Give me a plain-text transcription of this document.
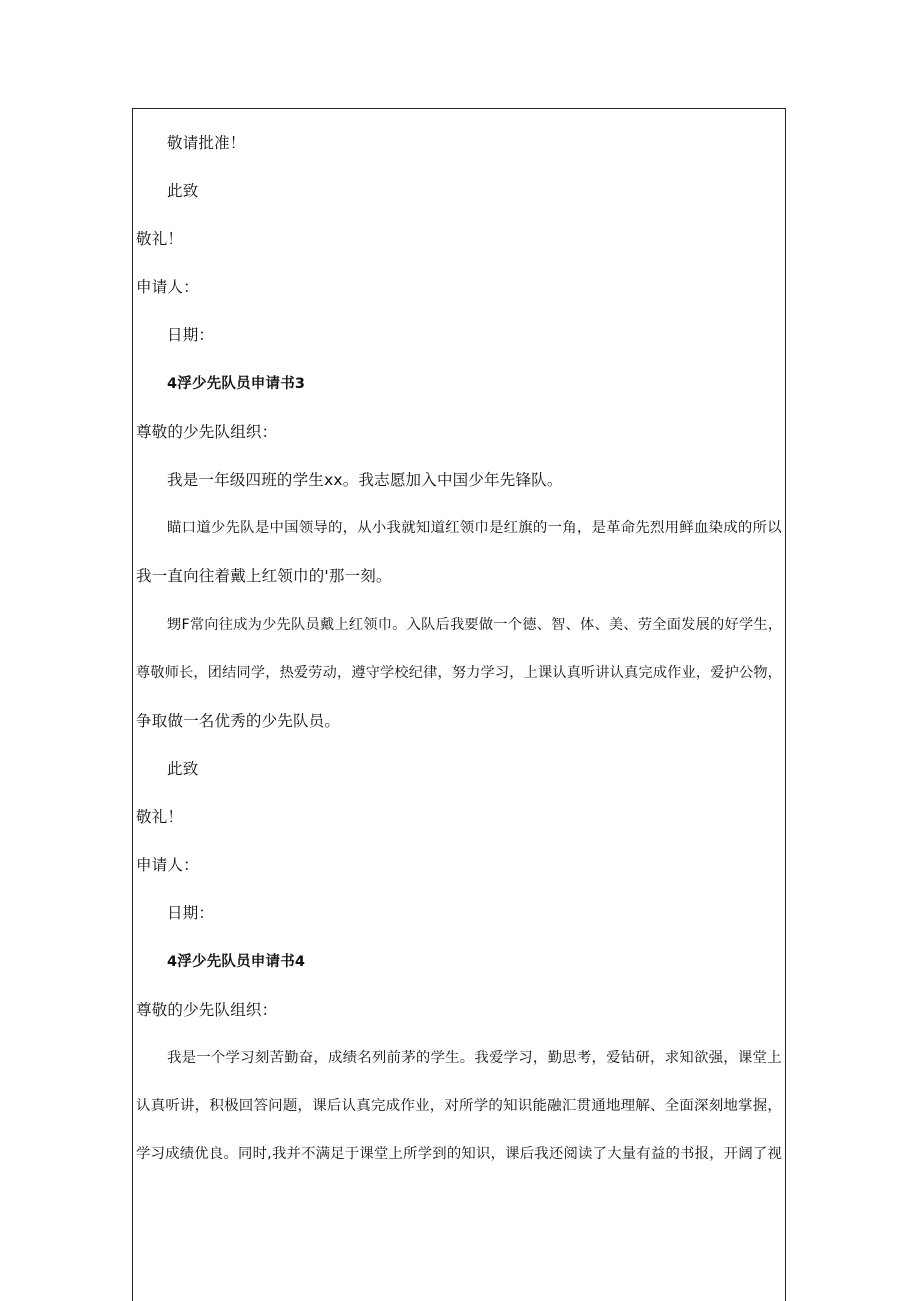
敬请批准！
此致
敬礼！
申请人：
日期：
4浮少先队员申请书3
尊敬的少先队组织：
我是一年级四班的学生xx。我志愿加入中国少年先锋队。
瞄口道少先队是中国领导的，从小我就知道红领巾是红旗的一角，是革命先烈用鲜血染成的所以
我一直向往着戴上红领巾的'那一刻。
甥F常向往成为少先队员戴上红领巾。入队后我要做一个德、智、体、美、劳全面发展的好学生，
尊敬师长，团结同学，热爱劳动，遵守学校纪律，努力学习，上课认真听讲认真完成作业，爱护公物，
争取做一名优秀的少先队员。
此致
敬礼！
申请人：
日期：
4浮少先队员申请书4
尊敬的少先队组织：
我是一个学习刻苦勤奋，成绩名列前茅的学生。我爱学习，勤思考，爱钻研，求知欲强，课堂上
认真听讲，积极回答问题，课后认真完成作业，对所学的知识能融汇贯通地理解、全面深刻地掌握，
学习成绩优良。同时,我并不满足于课堂上所学到的知识，课后我还阅读了大量有益的书报，开阔了视
